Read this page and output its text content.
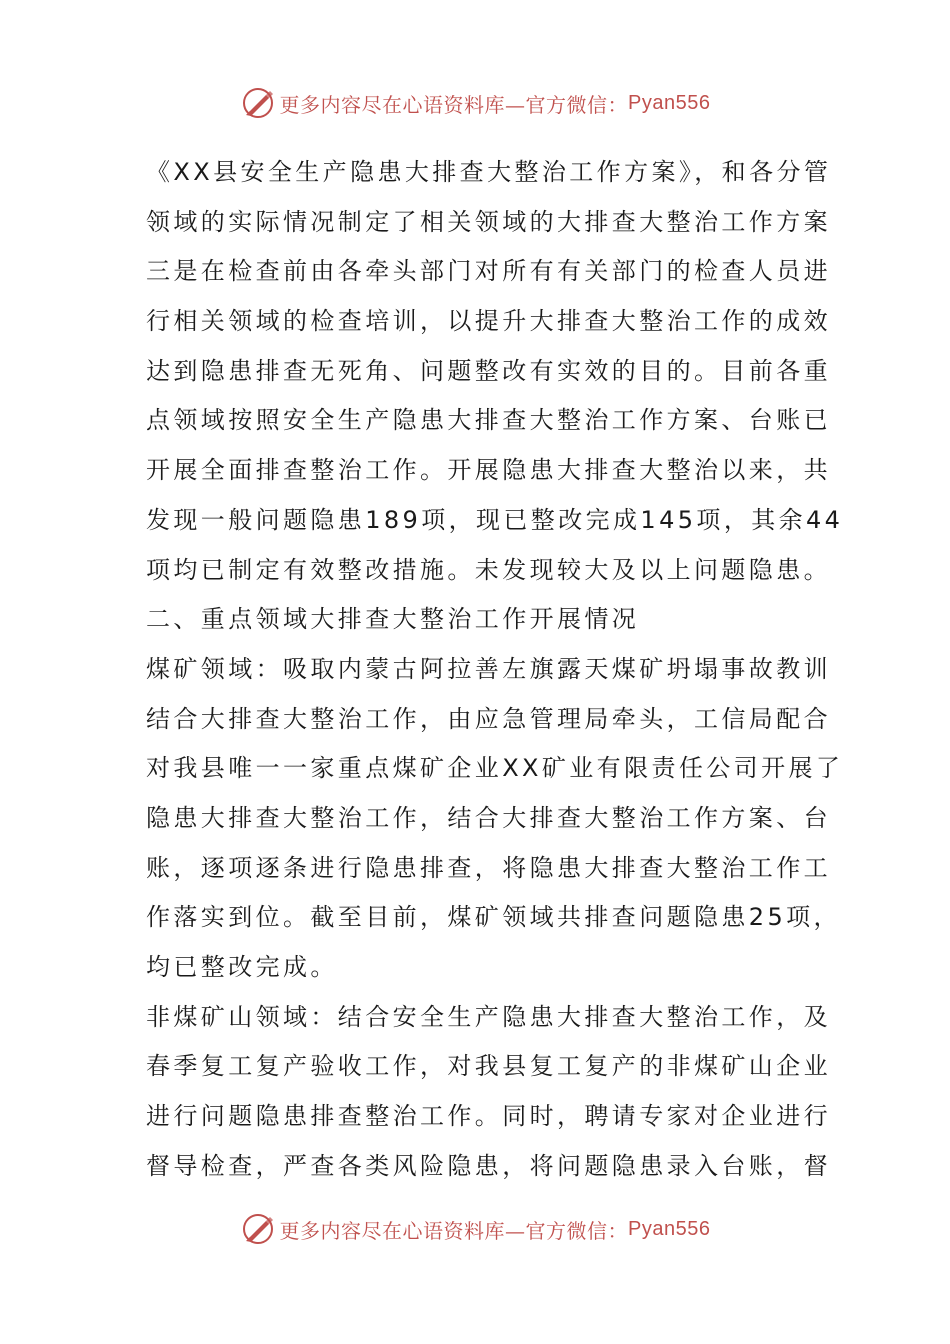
更多内容尽在心语资料库—官方微信： Pyan556
《XX县安全生产隐患大排查大整治工作方案》，和各分管
领域的实际情况制定了相关领域的大排查大整治工作方案
三是在检查前由各牵头部门对所有有关部门的检查人员进
行相关领域的检查培训，以提升大排查大整治工作的成效
达到隐患排查无死角、问题整改有实效的目的。目前各重
点领域按照安全生产隐患大排查大整治工作方案、台账已
开展全面排查整治工作。开展隐患大排查大整治以来，共
发现一般问题隐患189项，现已整改完成145项，其余44
项均已制定有效整改措施。未发现较大及以上问题隐患。
二、重点领域大排查大整治工作开展情况
煤矿领域：吸取内蒙古阿拉善左旗露天煤矿坍塌事故教训
结合大排查大整治工作，由应急管理局牵头，工信局配合
对我县唯一一家重点煤矿企业XX矿业有限责任公司开展了
隐患大排查大整治工作，结合大排查大整治工作方案、台
账，逐项逐条进行隐患排查，将隐患大排查大整治工作工
作落实到位。截至目前，煤矿领域共排查问题隐患25项，
均已整改完成。
非煤矿山领域：结合安全生产隐患大排查大整治工作，及
春季复工复产验收工作，对我县复工复产的非煤矿山企业
进行问题隐患排查整治工作。同时，聘请专家对企业进行
督导检查，严查各类风险隐患，将问题隐患录入台账，督
更多内容尽在心语资料库—官方微信： Pyan556
